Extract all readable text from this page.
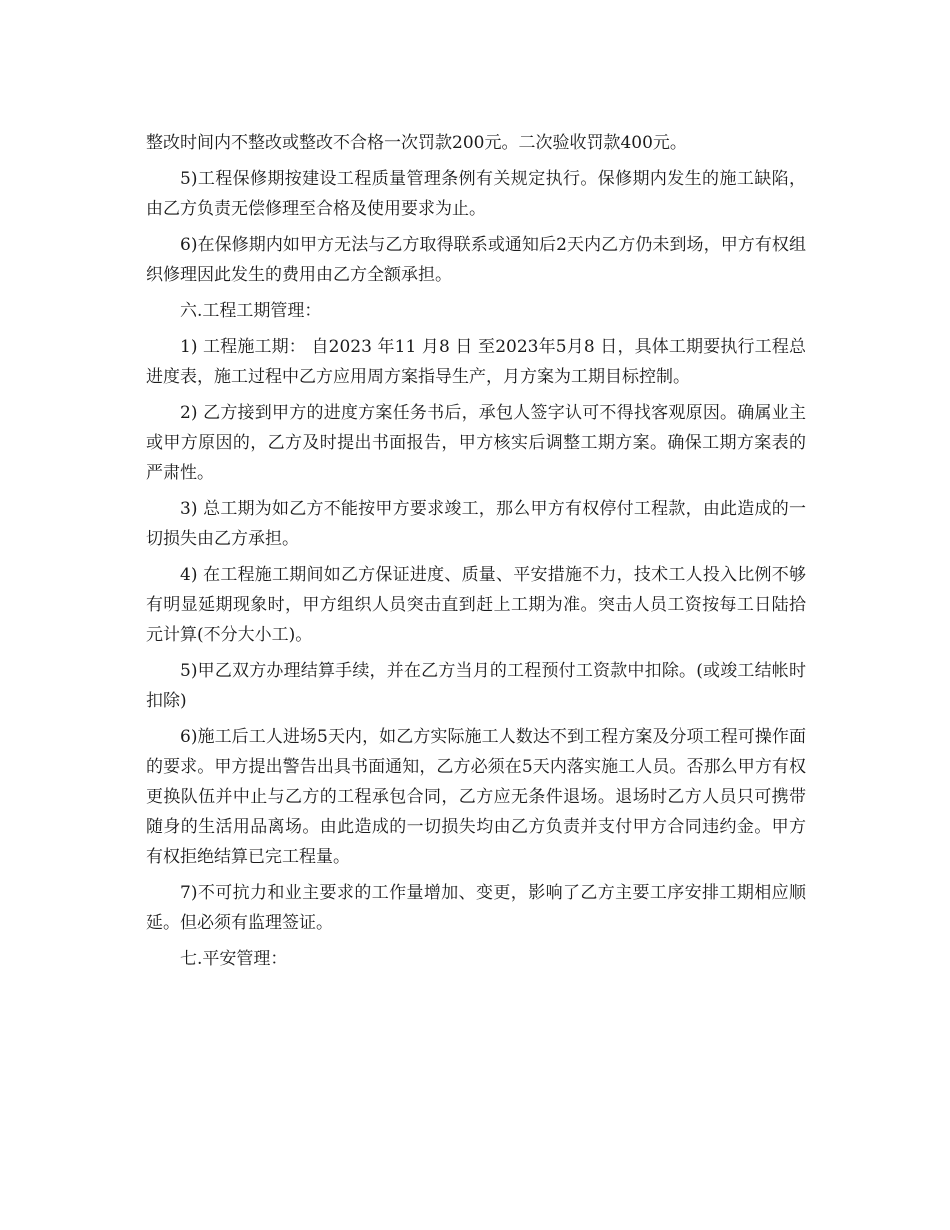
整改时间内不整改或整改不合格一次罚款200元。二次验收罚款400元。

5)工程保修期按建设工程质量管理条例有关规定执行。保修期内发生的施工缺陷，由乙方负责无偿修理至合格及使用要求为止。

6)在保修期内如甲方无法与乙方取得联系或通知后2天内乙方仍未到场，甲方有权组织修理因此发生的费用由乙方全额承担。

六.工程工期管理：

1) 工程施工期： 自2023 年11 月8 日 至2023年5月8 日，具体工期要执行工程总进度表，施工过程中乙方应用周方案指导生产，月方案为工期目标控制。

2) 乙方接到甲方的进度方案任务书后，承包人签字认可不得找客观原因。确属业主或甲方原因的，乙方及时提出书面报告，甲方核实后调整工期方案。确保工期方案表的严肃性。

3) 总工期为如乙方不能按甲方要求竣工，那么甲方有权停付工程款，由此造成的一切损失由乙方承担。

4) 在工程施工期间如乙方保证进度、质量、平安措施不力，技术工人投入比例不够有明显延期现象时，甲方组织人员突击直到赶上工期为准。突击人员工资按每工日陆拾元计算(不分大小工)。

5)甲乙双方办理结算手续，并在乙方当月的工程预付工资款中扣除。(或竣工结帐时扣除)

6)施工后工人进场5天内，如乙方实际施工人数达不到工程方案及分项工程可操作面的要求。甲方提出警告出具书面通知，乙方必须在5天内落实施工人员。否那么甲方有权更换队伍并中止与乙方的工程承包合同，乙方应无条件退场。退场时乙方人员只可携带随身的生活用品离场。由此造成的一切损失均由乙方负责并支付甲方合同违约金。甲方有权拒绝结算已完工程量。

7)不可抗力和业主要求的工作量增加、变更，影响了乙方主要工序安排工期相应顺延。但必须有监理签证。

七.平安管理：
